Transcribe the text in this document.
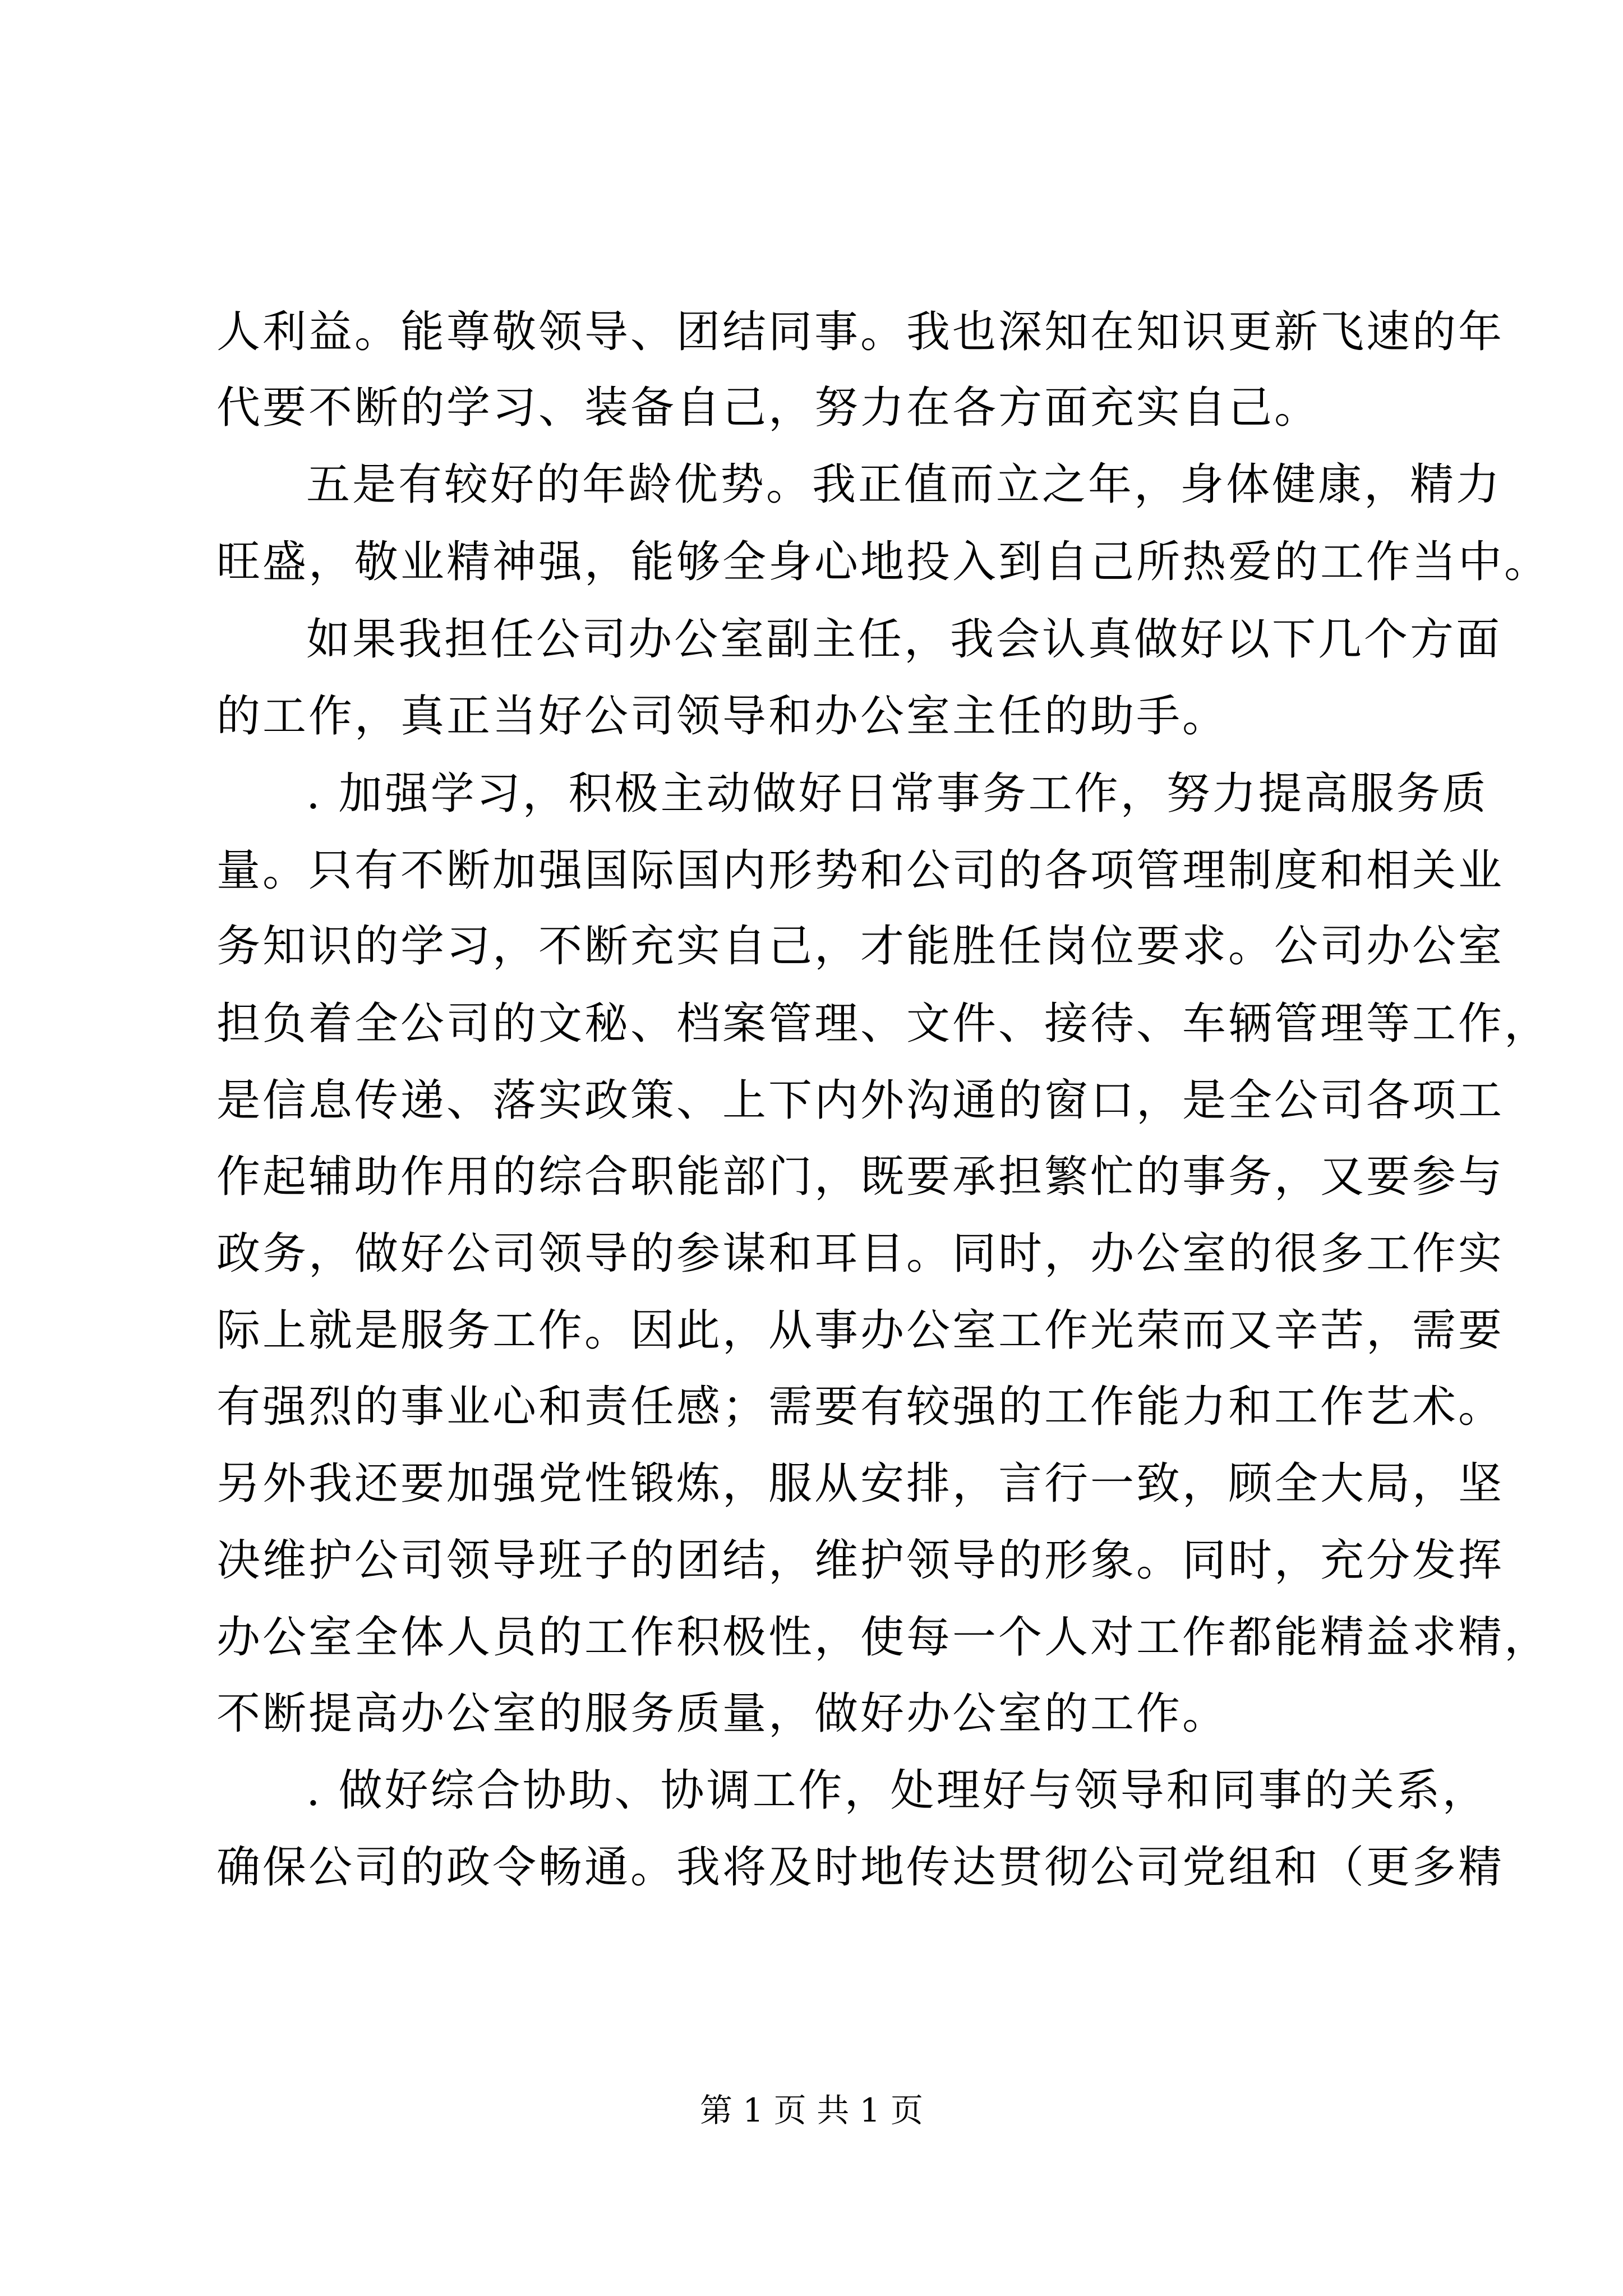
人利益。能尊敬领导、团结同事。我也深知在知识更新飞速的年
代要不断的学习、装备自己，努力在各方面充实自己。
五是有较好的年龄优势。我正值而立之年，身体健康，精力
旺盛，敬业精神强，能够全身心地投入到自己所热爱的工作当中。
如果我担任公司办公室副主任，我会认真做好以下几个方面
的工作，真正当好公司领导和办公室主任的助手。
. 加强学习，积极主动做好日常事务工作，努力提高服务质
量。只有不断加强国际国内形势和公司的各项管理制度和相关业
务知识的学习，不断充实自己，才能胜任岗位要求。公司办公室
担负着全公司的文秘、档案管理、文件、接待、车辆管理等工作，
是信息传递、落实政策、上下内外沟通的窗口，是全公司各项工
作起辅助作用的综合职能部门，既要承担繁忙的事务，又要参与
政务，做好公司领导的参谋和耳目。同时，办公室的很多工作实
际上就是服务工作。因此，从事办公室工作光荣而又辛苦，需要
有强烈的事业心和责任感；需要有较强的工作能力和工作艺术。
另外我还要加强党性锻炼，服从安排，言行一致，顾全大局，坚
决维护公司领导班子的团结，维护领导的形象。同时，充分发挥
办公室全体人员的工作积极性，使每一个人对工作都能精益求精，
不断提高办公室的服务质量，做好办公室的工作。
. 做好综合协助、协调工作，处理好与领导和同事的关系，
确保公司的政令畅通。我将及时地传达贯彻公司党组和（更多精
第 1 页 共 1 页
